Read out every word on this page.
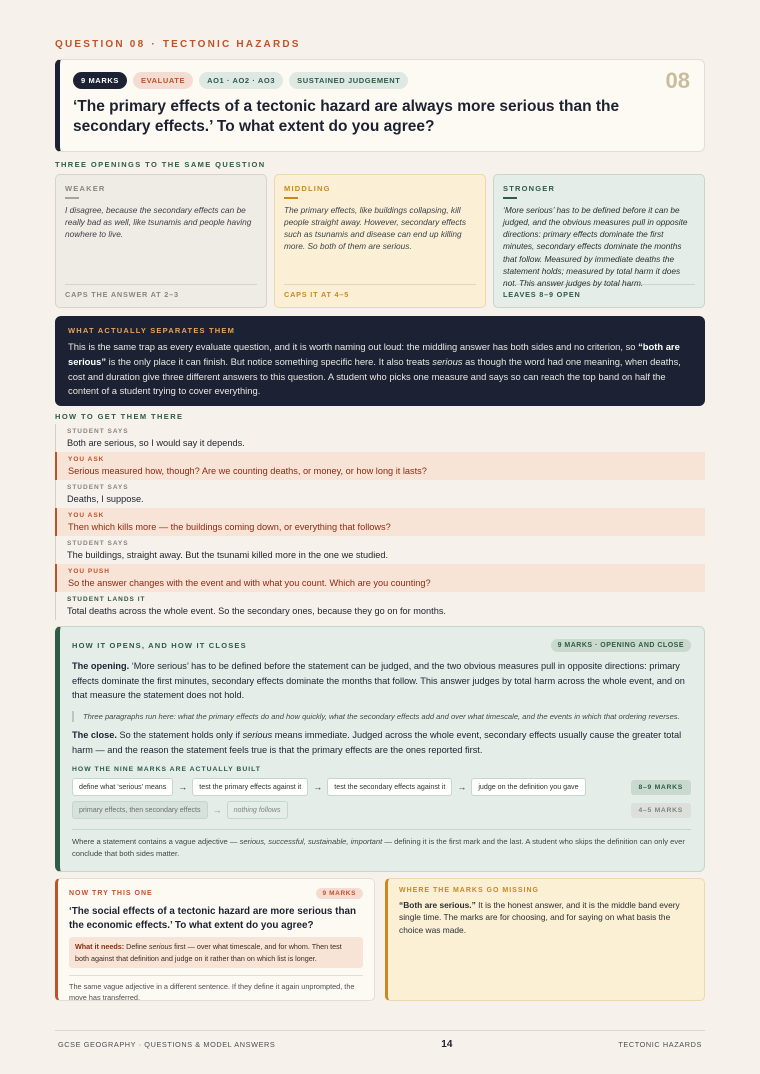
QUESTION 08 · TECTONIC HAZARDS
9 MARKS	EVALUATE	AO1 · AO2 · AO3	SUSTAINED JUDGEMENT	08
‘The primary effects of a tectonic hazard are always more serious than the secondary effects.’ To what extent do you agree?
THREE OPENINGS TO THE SAME QUESTION
WEAKER
I disagree, because the secondary effects can be really bad as well, like tsunamis and people having nowhere to live.
CAPS THE ANSWER AT 2–3
MIDDLING
The primary effects, like buildings collapsing, kill people straight away. However, secondary effects such as tsunamis and disease can end up killing more. So both of them are serious.
CAPS IT AT 4–5
STRONGER
‘More serious’ has to be defined before it can be judged, and the obvious measures pull in opposite directions: primary effects dominate the first minutes, secondary effects dominate the months that follow. Measured by immediate deaths the statement holds; measured by total harm it does not. This answer judges by total harm.
LEAVES 8–9 OPEN
WHAT ACTUALLY SEPARATES THEM
This is the same trap as every evaluate question, and it is worth naming out loud: the middling answer has both sides and no criterion, so “both are serious” is the only place it can finish. But notice something specific here. It also treats serious as though the word had one meaning, when deaths, cost and duration give three different answers to this question. A student who picks one measure and says so can reach the top band on half the content of a student trying to cover everything.
HOW TO GET THEM THERE
STUDENT SAYS
Both are serious, so I would say it depends.
YOU ASK
Serious measured how, though? Are we counting deaths, or money, or how long it lasts?
STUDENT SAYS
Deaths, I suppose.
YOU ASK
Then which kills more — the buildings coming down, or everything that follows?
STUDENT SAYS
The buildings, straight away. But the tsunami killed more in the one we studied.
YOU PUSH
So the answer changes with the event and with what you count. Which are you counting?
STUDENT LANDS IT
Total deaths across the whole event. So the secondary ones, because they go on for months.
HOW IT OPENS, AND HOW IT CLOSES	9 MARKS · OPENING AND CLOSE
The opening. ‘More serious’ has to be defined before the statement can be judged, and the two obvious measures pull in opposite directions: primary effects dominate the first minutes, secondary effects dominate the months that follow. This answer judges by total harm across the whole event, and on that measure the statement does not hold.
Three paragraphs run here: what the primary effects do and how quickly, what the secondary effects add and over what timescale, and the events in which that ordering reverses.
The close. So the statement holds only if serious means immediate. Judged across the whole event, secondary effects usually cause the greater total harm — and the reason the statement feels true is that the primary effects are the ones reported first.
HOW THE NINE MARKS ARE ACTUALLY BUILT
define what ‘serious’ means	→	test the primary effects against it	→	test the secondary effects against it	→	judge on the definition you gave	8–9 MARKS
primary effects, then secondary effects	→	nothing follows	4–5 MARKS
Where a statement contains a vague adjective — serious, successful, sustainable, important — defining it is the first mark and the last. A student who skips the definition can only ever conclude that both sides matter.
NOW TRY THIS ONE	9 MARKS
‘The social effects of a tectonic hazard are more serious than the economic effects.’ To what extent do you agree?
What it needs: Define serious first — over what timescale, and for whom. Then test both against that definition and judge on it rather than on which list is longer.
The same vague adjective in a different sentence. If they define it again unprompted, the move has transferred.
WHERE THE MARKS GO MISSING
“Both are serious.” It is the honest answer, and it is the middle band every single time. The marks are for choosing, and for saying on what basis the choice was made.
GCSE GEOGRAPHY · QUESTIONS & MODEL ANSWERS	14	TECTONIC HAZARDS
